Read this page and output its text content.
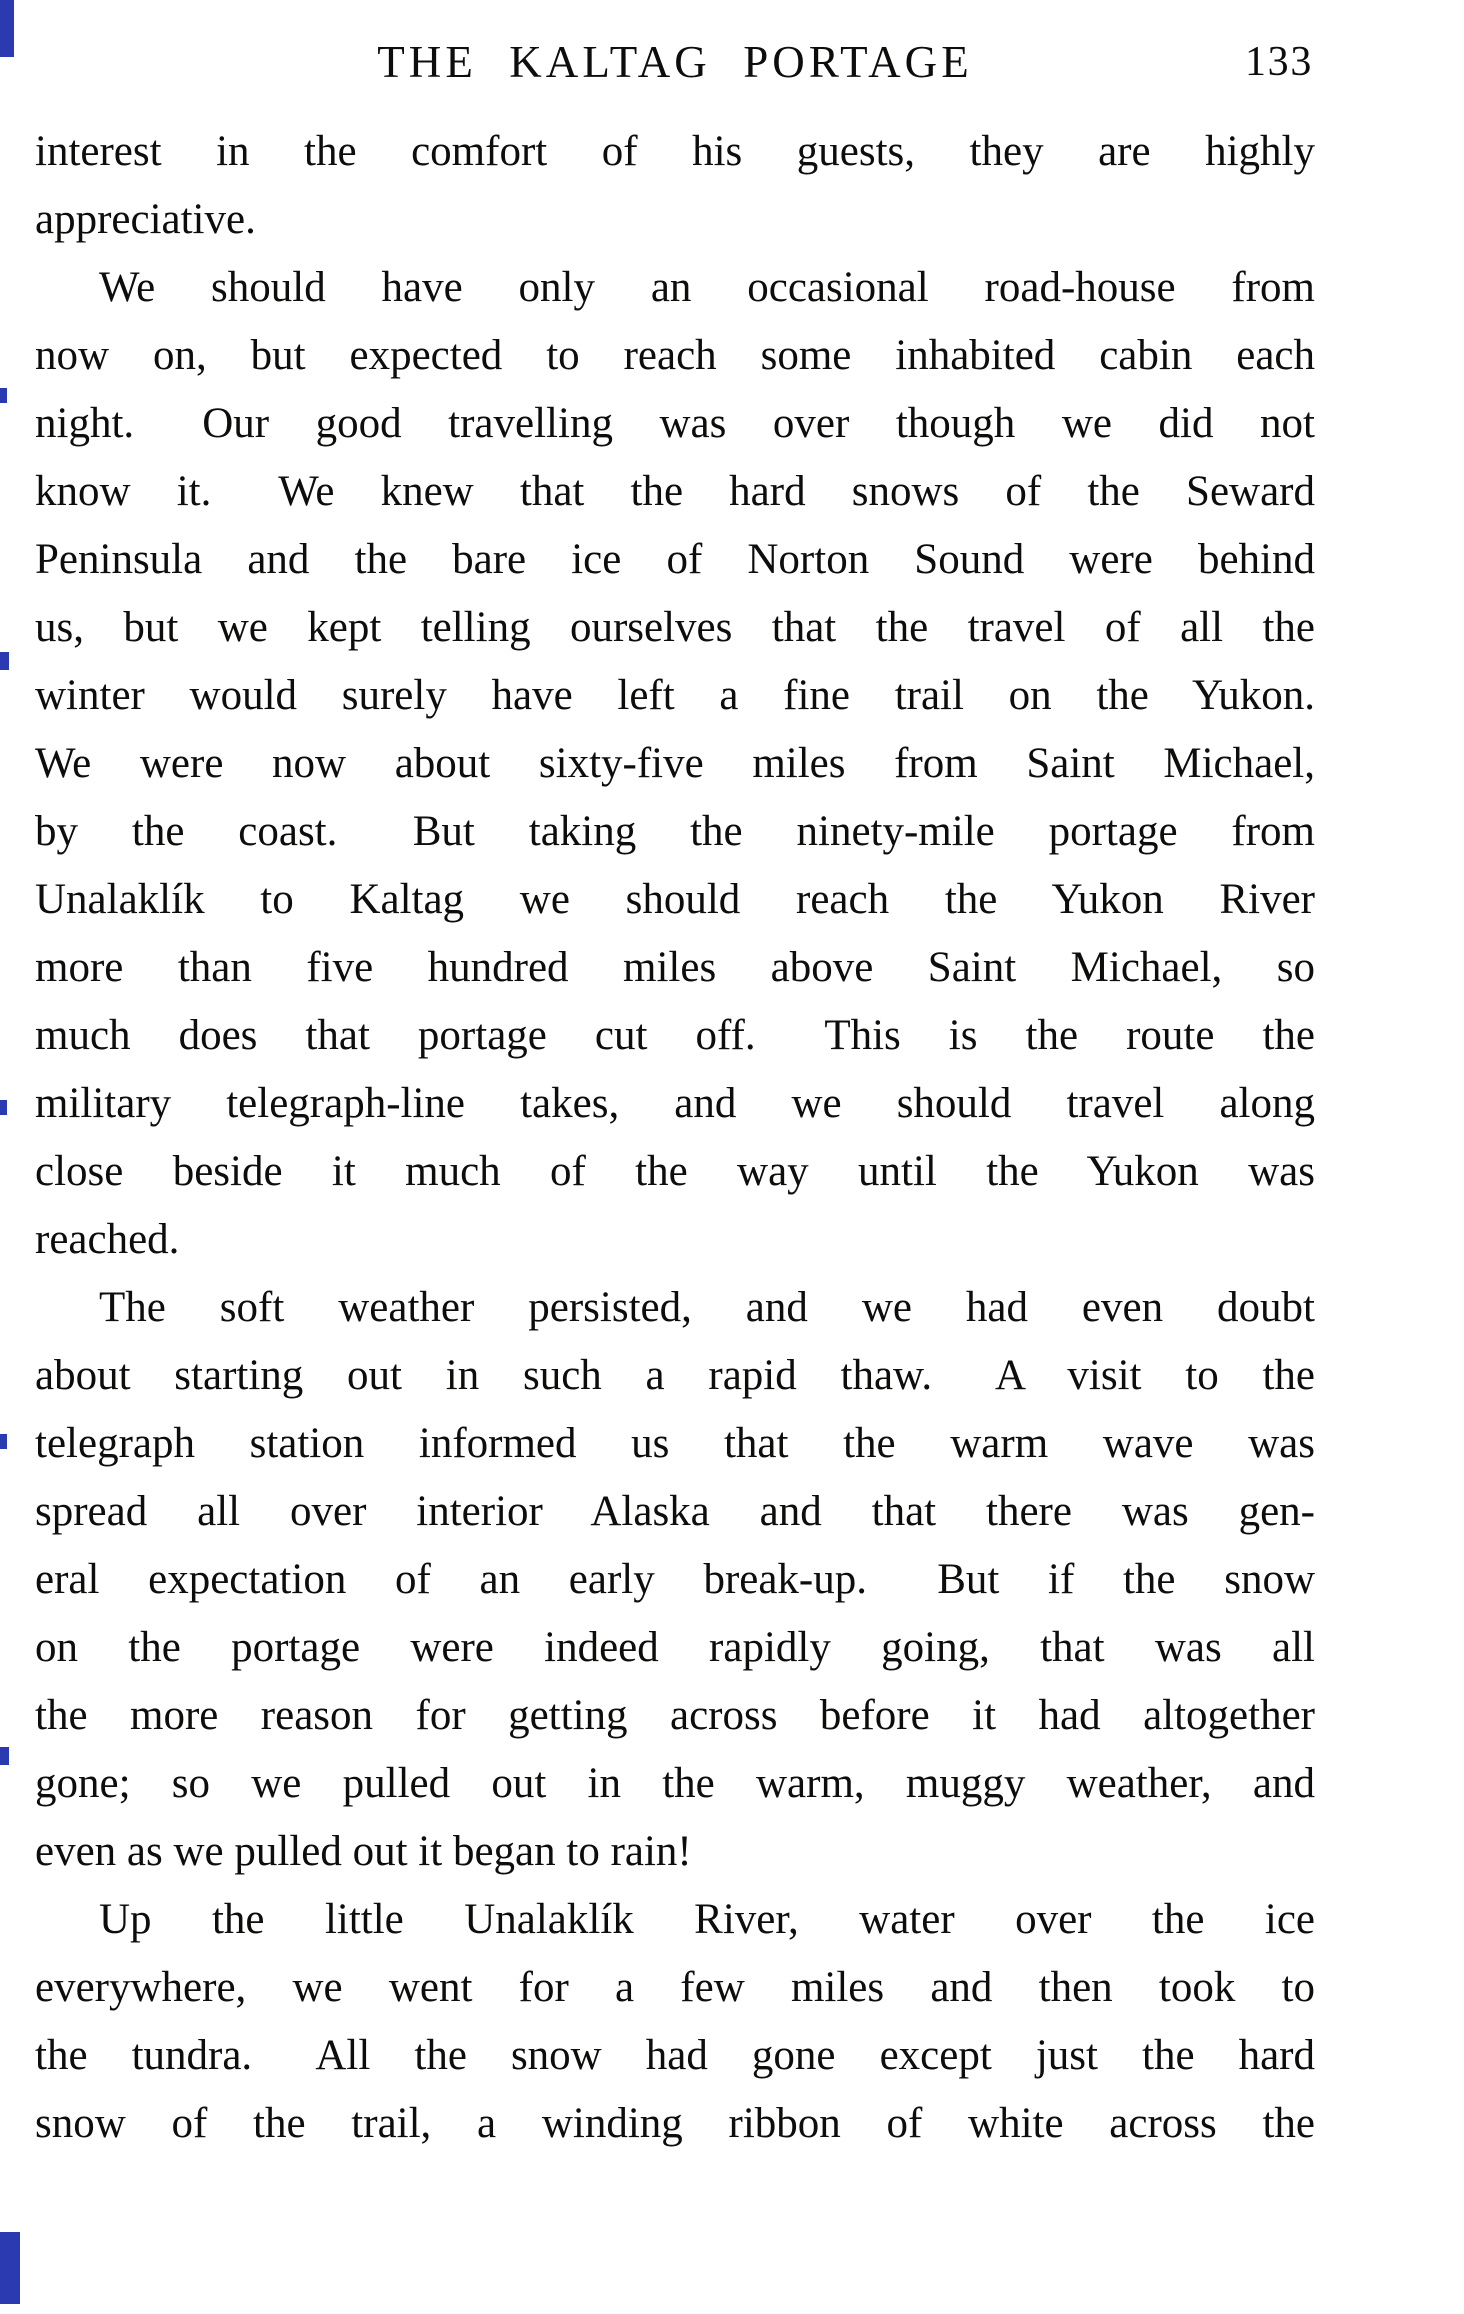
THE KALTAG PORTAGE	133
interest in the comfort of his guests, they are highly
appreciative.
We should have only an occasional road-house from
now on, but expected to reach some inhabited cabin each
night.  Our good travelling was over though we did not
know it.  We knew that the hard snows of the Seward
Peninsula and the bare ice of Norton Sound were behind
us, but we kept telling ourselves that the travel of all the
winter would surely have left a fine trail on the Yukon.
We were now about sixty-five miles from Saint Michael,
by the coast.  But taking the ninety-mile portage from
Unalaklík to Kaltag we should reach the Yukon River
more than five hundred miles above Saint Michael, so
much does that portage cut off.  This is the route the
military telegraph-line takes, and we should travel along
close beside it much of the way until the Yukon was
reached.
The soft weather persisted, and we had even doubt
about starting out in such a rapid thaw.  A visit to the
telegraph station informed us that the warm wave was
spread all over interior Alaska and that there was gen-
eral expectation of an early break-up.  But if the snow
on the portage were indeed rapidly going, that was all
the more reason for getting across before it had altogether
gone; so we pulled out in the warm, muggy weather, and
even as we pulled out it began to rain!
Up the little Unalaklík River, water over the ice
everywhere, we went for a few miles and then took to
the tundra.  All the snow had gone except just the hard
snow of the trail, a winding ribbon of white across the
